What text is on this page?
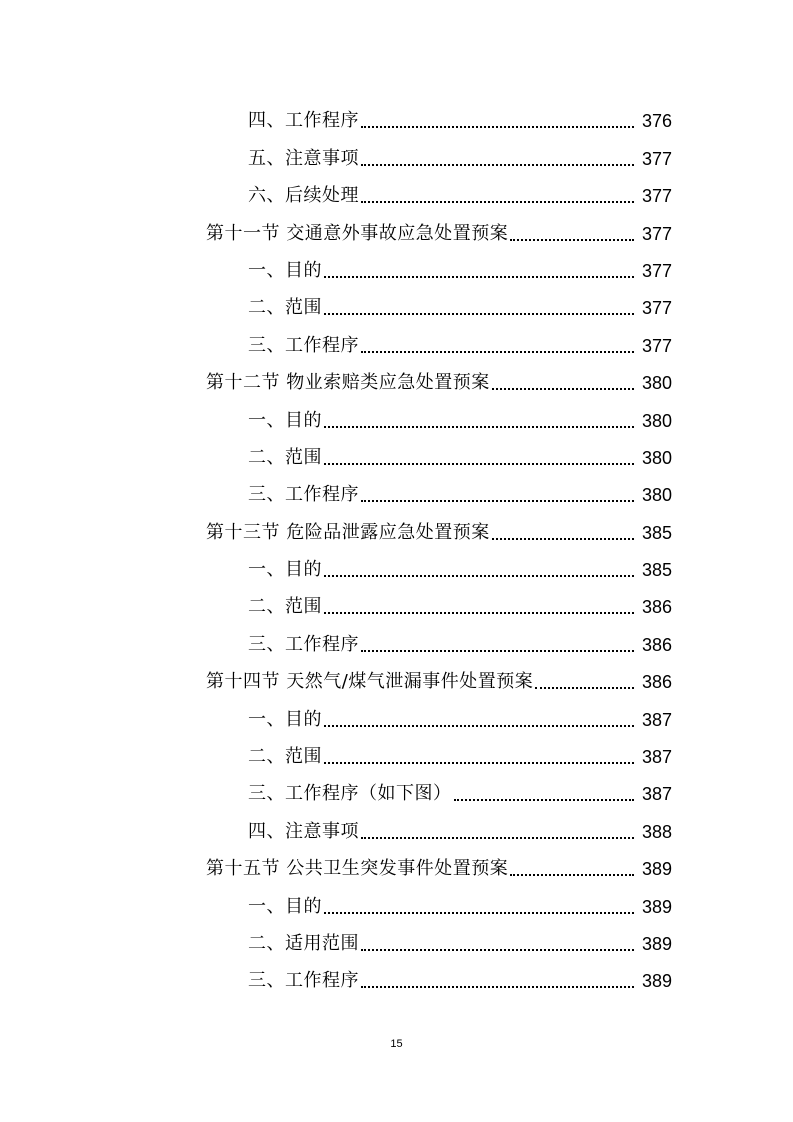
四、工作程序	376
五、注意事项	377
六、后续处理	377
第十一节 交通意外事故应急处置预案	377
一、目的	377
二、范围	377
三、工作程序	377
第十二节 物业索赔类应急处置预案	380
一、目的	380
二、范围	380
三、工作程序	380
第十三节 危险品泄露应急处置预案	385
一、目的	385
二、范围	386
三、工作程序	386
第十四节 天然气/煤气泄漏事件处置预案	386
一、目的	387
二、范围	387
三、工作程序（如下图）	387
四、注意事项	388
第十五节 公共卫生突发事件处置预案	389
一、目的	389
二、适用范围	389
三、工作程序	389
15
